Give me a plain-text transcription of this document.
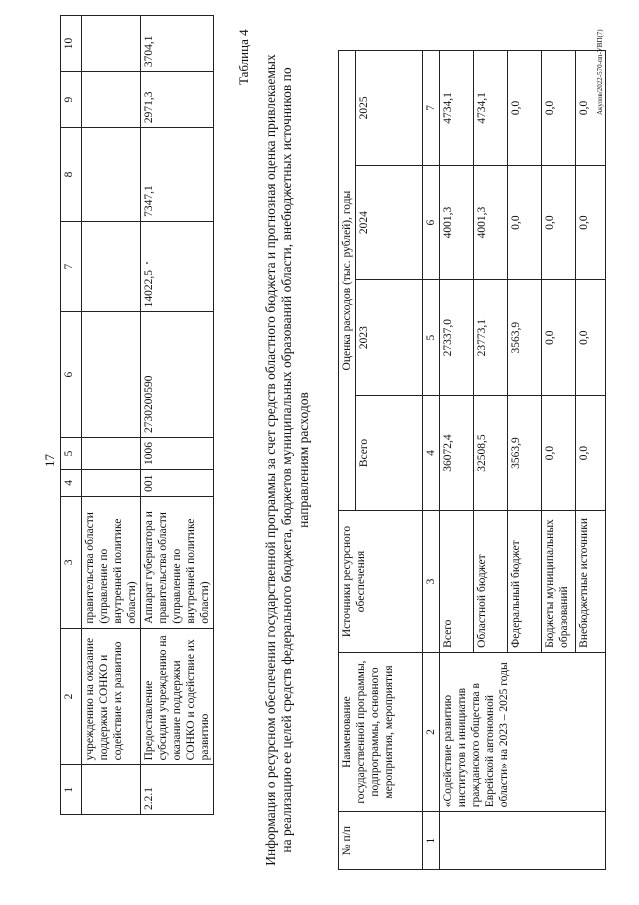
17
1	2	3	4	5	6	7	8	9	10
	учреждению на оказание поддержки СОНКО и содействие их развитию	правительства области (управление по внутренней политике области)							
2.2.1	Предоставление субсидии учреждению на оказание поддержки СОНКО и содействие их развитию	Аппарат губернатора и правительства области (управление по внутренней политике области)	001	1006	2730200590	14022,5	7347,1	2971,3	3704,1	Таблица 4 Информация о ресурсном обеспечении государственной программы за счет средств областного бюджета и прогнозная оценка привлекаемых на реализацию ее целей средств федерального бюджета, бюджетов муниципальных образований области, внебюджетных источников по направлениям расходов
№ п/п	Наименование государственной программы, подпрограммы, основного мероприятия, мероприятия	Источники ресурсного обеспечения	Оценка расходов (тыс. рублей), годы			
			Всего	2023	2024	2025
1	2	3	4	5	6	7
	«Содействие развитию институтов и инициатив гражданского общества в Еврейской автономной области» на 2023 – 2025 годы	Всего	36072,4	27337,0	4001,3	4734,1
		Областной бюджет	32508,5	23773,1	4001,3	4734,1
		Федеральный бюджет	3563,9	3563,9	0,0	0,0
		Бюджеты муниципальных образований	0,0	0,0	0,0	0,0
		Внебюджетные источники	0,0	0,0	0,0	0,0 Акулов/2022-570-пп-УВП(7)
